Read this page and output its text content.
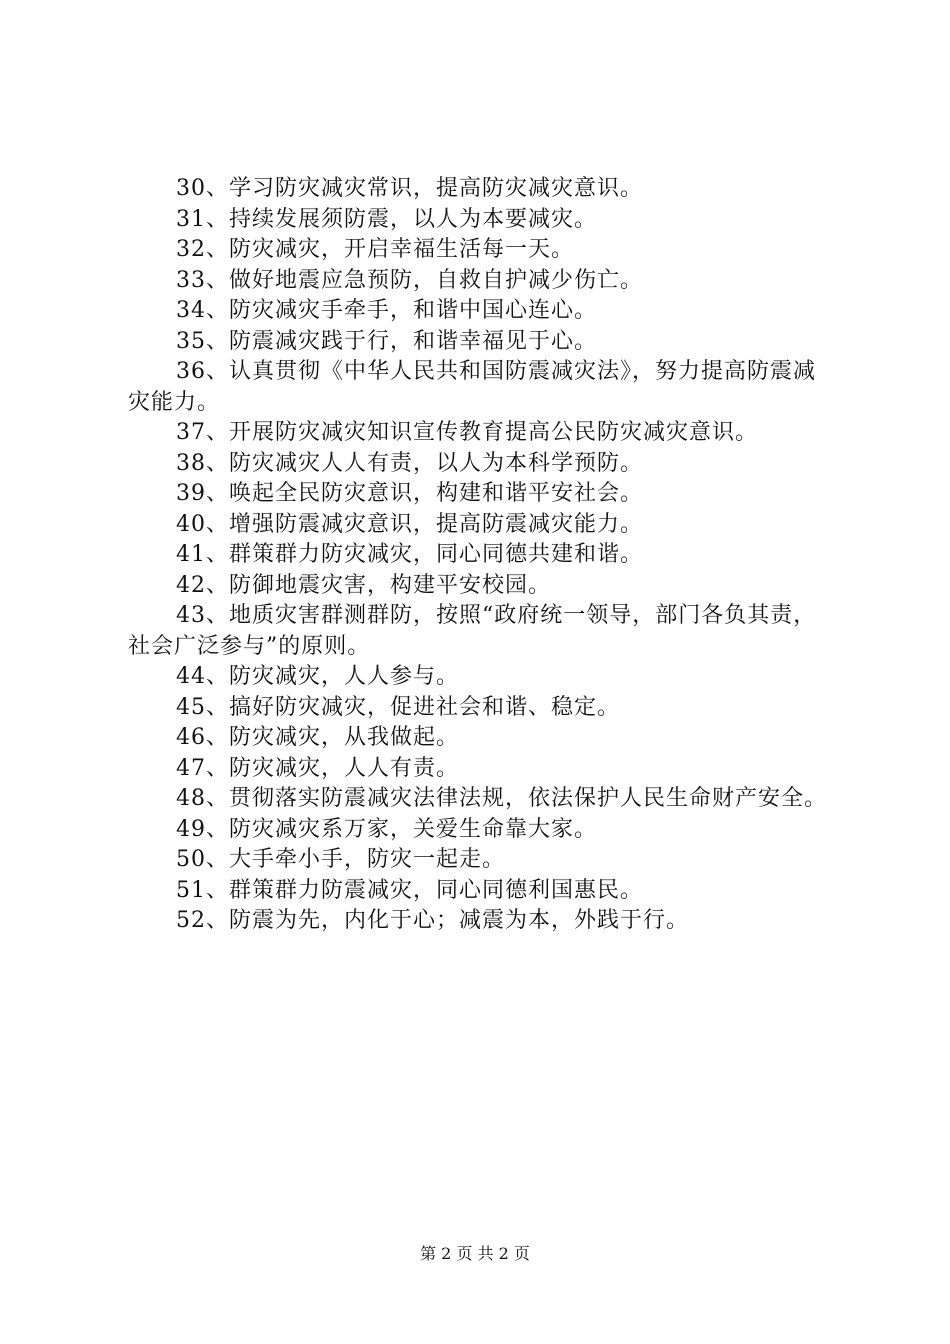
30、学习防灾减灾常识，提高防灾减灾意识。

31、持续发展须防震，以人为本要减灾。

32、防灾减灾，开启幸福生活每一天。

33、做好地震应急预防，自救自护减少伤亡。

34、防灾减灾手牵手，和谐中国心连心。

35、防震减灾践于行，和谐幸福见于心。

36、认真贯彻《中华人民共和国防震减灾法》，努力提高防震减灾能力。

37、开展防灾减灾知识宣传教育提高公民防灾减灾意识。

38、防灾减灾人人有责，以人为本科学预防。

39、唤起全民防灾意识，构建和谐平安社会。

40、增强防震减灾意识，提高防震减灾能力。

41、群策群力防灾减灾，同心同德共建和谐。

42、防御地震灾害，构建平安校园。

43、地质灾害群测群防，按照“政府统一领导，部门各负其责，社会广泛参与”的原则。

44、防灾减灾，人人参与。

45、搞好防灾减灾，促进社会和谐、稳定。

46、防灾减灾，从我做起。

47、防灾减灾，人人有责。

48、贯彻落实防震减灾法律法规，依法保护人民生命财产安全。

49、防灾减灾系万家，关爱生命靠大家。

50、大手牵小手，防灾一起走。

51、群策群力防震减灾，同心同德利国惠民。

52、防震为先，内化于心；减震为本，外践于行。

第 2 页 共 2 页
